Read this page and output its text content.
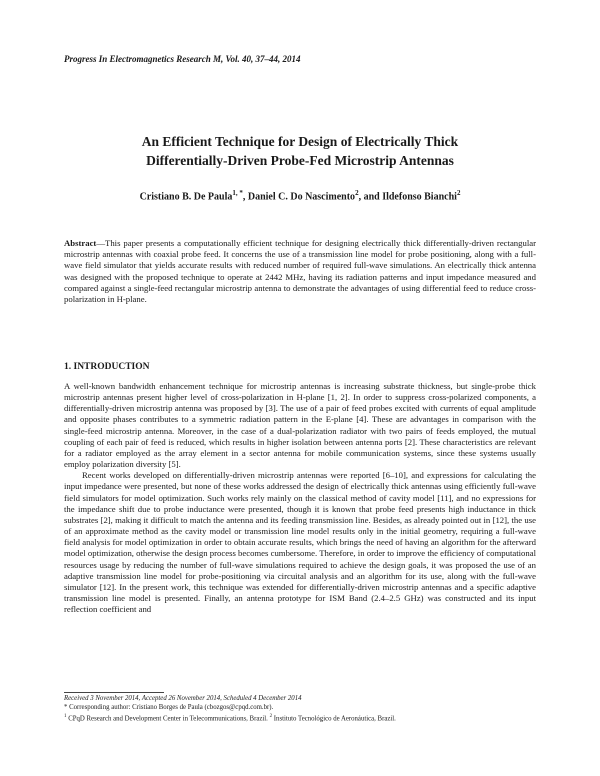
Progress In Electromagnetics Research M, Vol. 40, 37–44, 2014
An Efficient Technique for Design of Electrically Thick
Differentially-Driven Probe-Fed Microstrip Antennas
Cristiano B. De Paula$^{1, *}$, Daniel C. Do Nascimento$^2$, and Ildefonso Bianchi$^2$
Abstract—This paper presents a computationally efficient technique for designing electrically thick differentially-driven rectangular microstrip antennas with coaxial probe feed. It concerns the use of a transmission line model for probe positioning, along with a full-wave field simulator that yields accurate results with reduced number of required full-wave simulations. An electrically thick antenna was designed with the proposed technique to operate at 2442 MHz, having its radiation patterns and input impedance measured and compared against a single-feed rectangular microstrip antenna to demonstrate the advantages of using differential feed to reduce cross-polarization in H-plane.
1. INTRODUCTION

A well-known bandwidth enhancement technique for microstrip antennas is increasing substrate thickness, but single-probe thick microstrip antennas present higher level of cross-polarization in H-plane [1, 2]. In order to suppress cross-polarized components, a differentially-driven microstrip antenna was proposed by [3]. The use of a pair of feed probes excited with currents of equal amplitude and opposite phases contributes to a symmetric radiation pattern in the E-plane [4]. These are advantages in comparison with the single-feed microstrip antenna. Moreover, in the case of a dual-polarization radiator with two pairs of feeds employed, the mutual coupling of each pair of feed is reduced, which results in higher isolation between antenna ports [2]. These characteristics are relevant for a radiator employed as the array element in a sector antenna for mobile communication systems, since these systems usually employ polarization diversity [5].

Recent works developed on differentially-driven microstrip antennas were reported [6–10], and expressions for calculating the input impedance were presented, but none of these works addressed the design of electrically thick antennas using efficiently full-wave field simulators for model optimization. Such works rely mainly on the classical method of cavity model [11], and no expressions for the impedance shift due to probe inductance were presented, though it is known that probe feed presents high inductance in thick substrates [2], making it difficult to match the antenna and its feeding transmission line. Besides, as already pointed out in [12], the use of an approximate method as the cavity model or transmission line model results only in the initial geometry, requiring a full-wave field analysis for model optimization in order to obtain accurate results, which brings the need of having an algorithm for the afterward model optimization, otherwise the design process becomes cumbersome. Therefore, in order to improve the efficiency of computational resources usage by reducing the number of full-wave simulations required to achieve the design goals, it was proposed the use of an adaptive transmission line model for probe-positioning via circuital analysis and an algorithm for its use, along with the full-wave simulator [12]. In the present work, this technique was extended for differentially-driven microstrip antennas and a specific adaptive transmission line model is presented. Finally, an antenna prototype for ISM Band (2.4–2.5 GHz) was constructed and its input reflection coefficient and

Received 3 November 2014, Accepted 26 November 2014, Scheduled 4 December 2014
* Corresponding author: Cristiano Borges de Paula (cbozgos@cpqd.com.br).
$^1$ CPqD Research and Development Center in Telecommunications, Brazil. $^2$ Instituto Tecnológico de Aeronáutica, Brazil.
